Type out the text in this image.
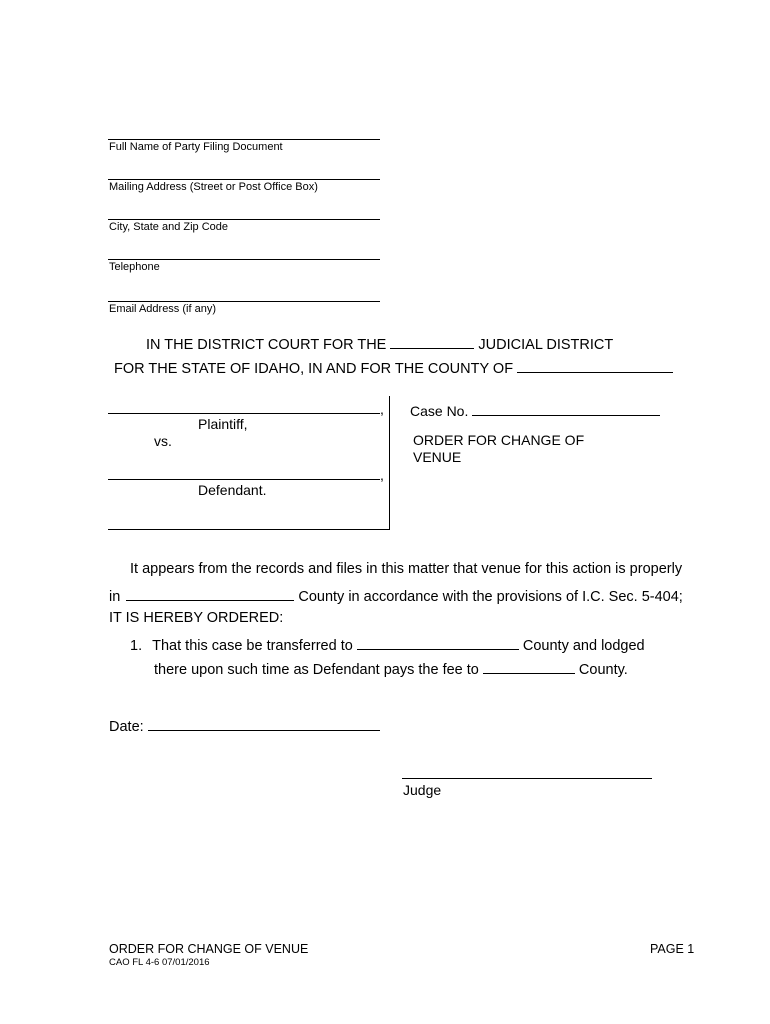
Full Name of Party Filing Document
Mailing Address (Street or Post Office Box)
City, State and Zip Code
Telephone
Email Address (if any)
IN THE DISTRICT COURT FOR THE	JUDICIAL DISTRICT
FOR THE STATE OF IDAHO, IN AND FOR THE COUNTY OF
,
Plaintiff,
vs.
,
Defendant.
Case No.
ORDER FOR CHANGE OF
VENUE
It appears from the records and files in this matter that venue for this action is properly
in	County in accordance with the provisions of I.C. Sec. 5-404;
IT IS HEREBY ORDERED:
1. That this case be transferred to	County and lodged
there upon such time as Defendant pays the fee to	County.
Date:
Judge
ORDER FOR CHANGE OF VENUE
CAO FL 4-6 07/01/2016
PAGE 1
